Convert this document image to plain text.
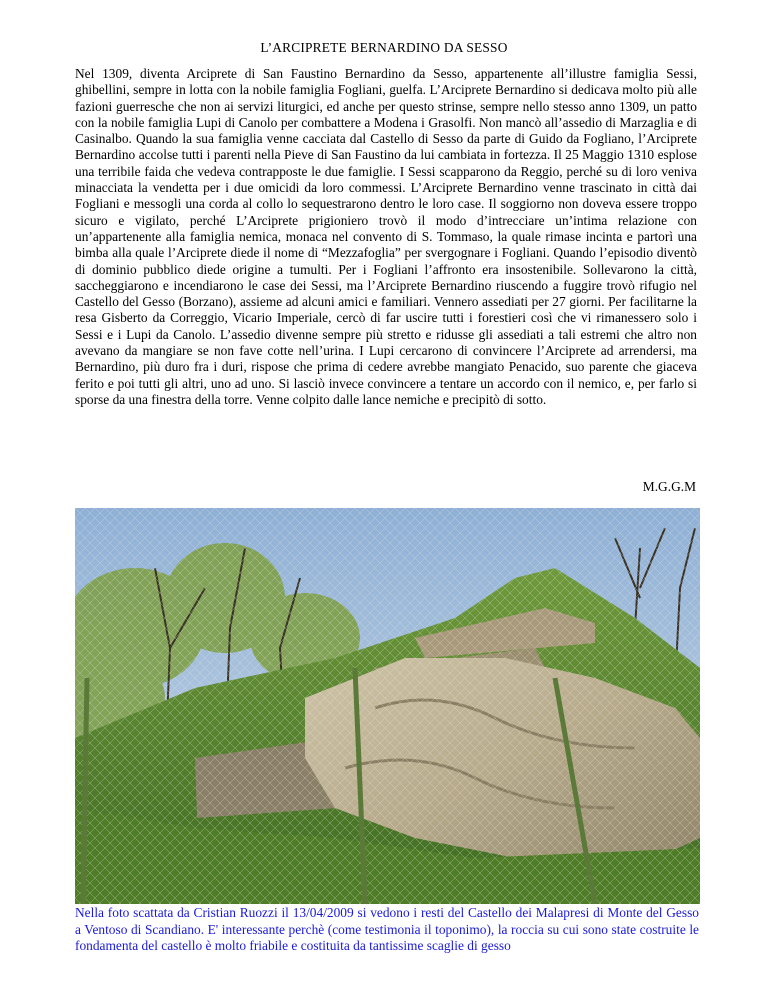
L’ARCIPRETE BERNARDINO DA SESSO

Nel 1309, diventa Arciprete di San Faustino Bernardino da Sesso, appartenente all’illustre famiglia Sessi, ghibellini, sempre in lotta con la nobile famiglia Fogliani, guelfa. L’Arciprete Bernardino si dedicava molto più alle fazioni guerresche che non ai servizi liturgici, ed anche per questo strinse, sempre nello stesso anno 1309, un patto con la nobile famiglia Lupi di Canolo per combattere a Modena i Grasolfi. Non mancò all’assedio di Marzaglia e di Casinalbo. Quando la sua famiglia venne cacciata dal Castello di Sesso da parte di Guido da Fogliano, l’Arciprete Bernardino accolse tutti i parenti nella Pieve di San Faustino da lui cambiata in fortezza. Il 25 Maggio 1310 esplose una terribile faida che vedeva contrapposte le due famiglie. I Sessi scapparono da Reggio, perché su di loro veniva minacciata la vendetta per i due omicidi da loro commessi. L’Arciprete Bernardino venne trascinato in città dai Fogliani e messogli una corda al collo lo sequestrarono dentro le loro case. Il soggiorno non doveva essere troppo sicuro e vigilato, perché L’Arciprete prigioniero trovò il modo d’intrecciare un’intima relazione con un’appartenente alla famiglia nemica, monaca nel convento di S. Tommaso, la quale rimase incinta e partorì una bimba alla quale l’Arciprete diede il nome di “Mezzafoglia” per svergognare i Fogliani. Quando l’episodio diventò di dominio pubblico diede origine a tumulti. Per i Fogliani l’affronto era insostenibile. Sollevarono la città, saccheggiarono e incendiarono le case dei Sessi, ma l’Arciprete Bernardino riuscendo a fuggire trovò rifugio nel Castello del Gesso (Borzano), assieme ad alcuni amici e familiari. Vennero assediati per 27 giorni. Per facilitarne la resa Gisberto da Correggio, Vicario Imperiale, cercò di far uscire tutti i forestieri così che vi rimanessero solo i Sessi e i Lupi da Canolo. L’assedio divenne sempre più stretto e ridusse gli assediati a tali estremi che altro non avevano da mangiare se non fave cotte nell’urina. I Lupi cercarono di convincere l’Arciprete ad arrendersi, ma Bernardino, più duro fra i duri, rispose che prima di cedere avrebbe mangiato Penacido, suo parente che giaceva ferito e poi tutti gli altri, uno ad uno. Si lasciò invece convincere a tentare un accordo con il nemico, e, per farlo si sporse da una finestra della torre. Venne colpito dalle lance nemiche e precipitò di sotto.

M.G.G.M

Nella foto scattata da Cristian Ruozzi il 13/04/2009 si vedono i resti del Castello dei Malapresi di Monte del Gesso a Ventoso di Scandiano. E' interessante perchè (come testimonia il toponimo), la roccia su cui sono state costruite le fondamenta del castello è molto friabile e costituita da tantissime scaglie di gesso
